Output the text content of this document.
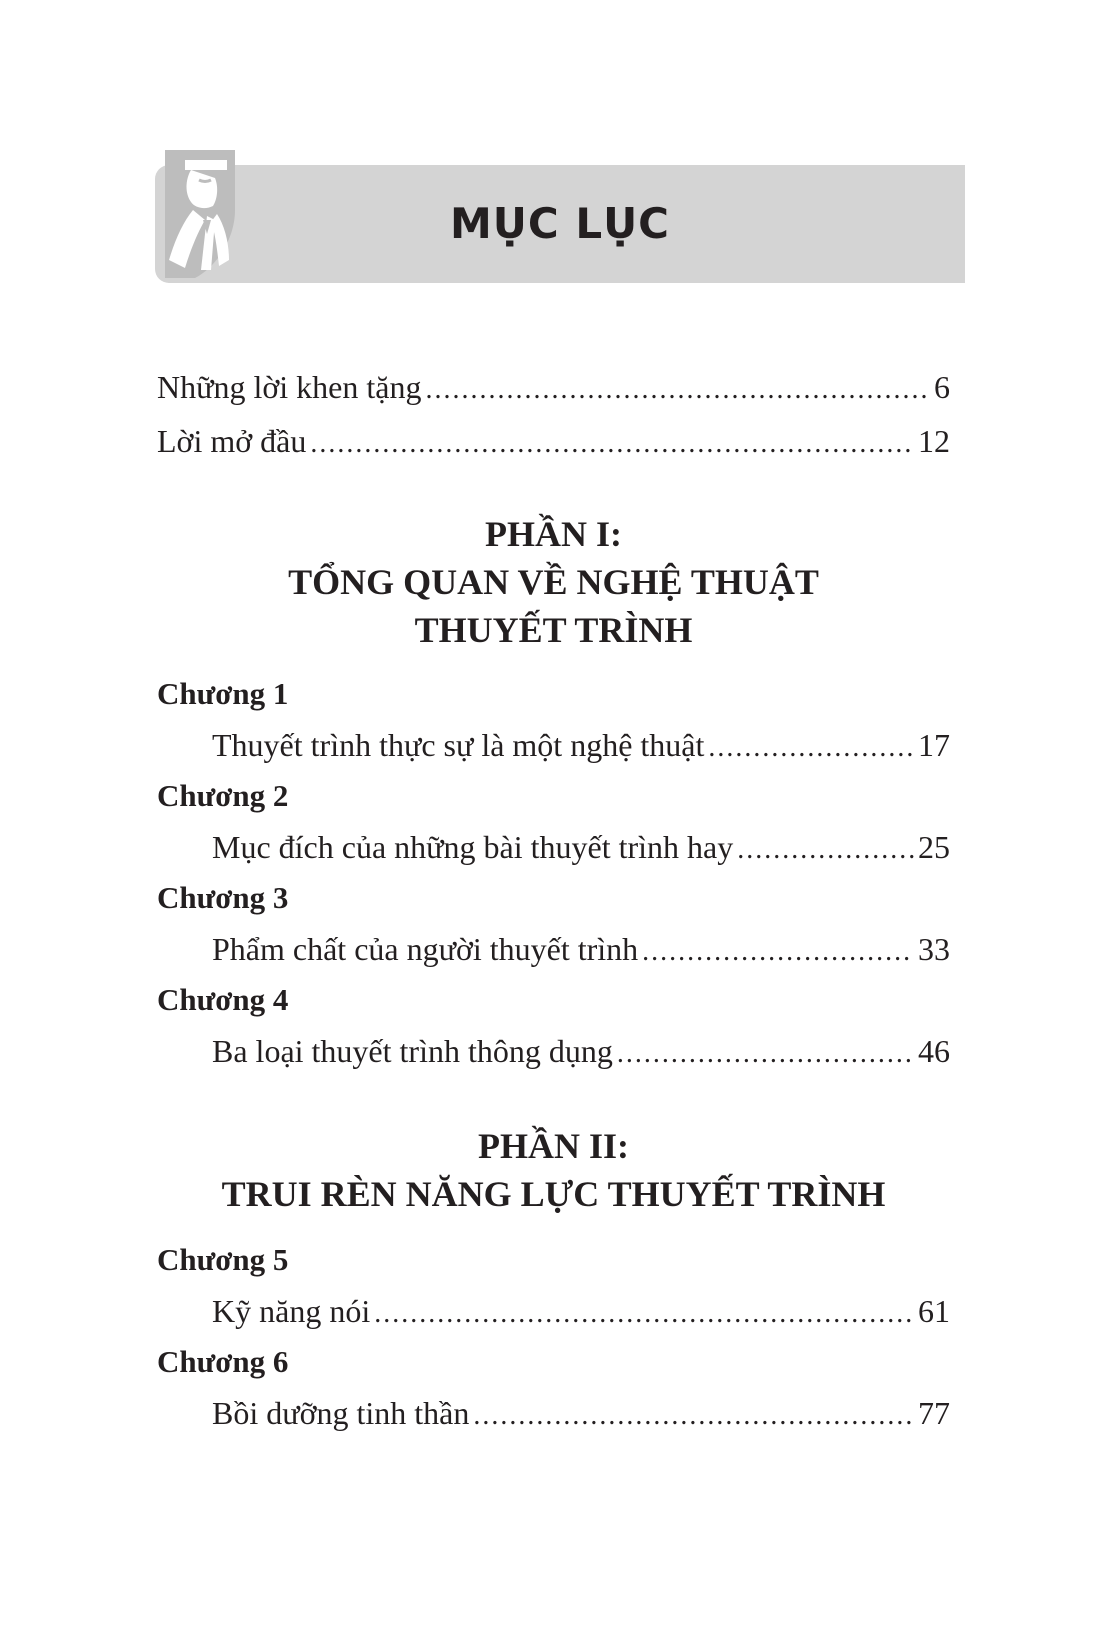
MỤC LỤC
Những lời khen tặng .....	6
Lời mở đầu .....	12

PHẦN I:

TỔNG QUAN VỀ NGHỆ THUẬT

THUYẾT TRÌNH

Chương 1
Thuyết trình thực sự là một nghệ thuật .....	17
Chương 2
Mục đích của những bài thuyết trình hay .....	25
Chương 3
Phẩm chất của người thuyết trình .....	33
Chương 4
Ba loại thuyết trình thông dụng .....	46

PHẦN II:

TRUI RÈN NĂNG LỰC THUYẾT TRÌNH

Chương 5
Kỹ năng nói .....	61
Chương 6
Bồi dưỡng tinh thần .....	77
